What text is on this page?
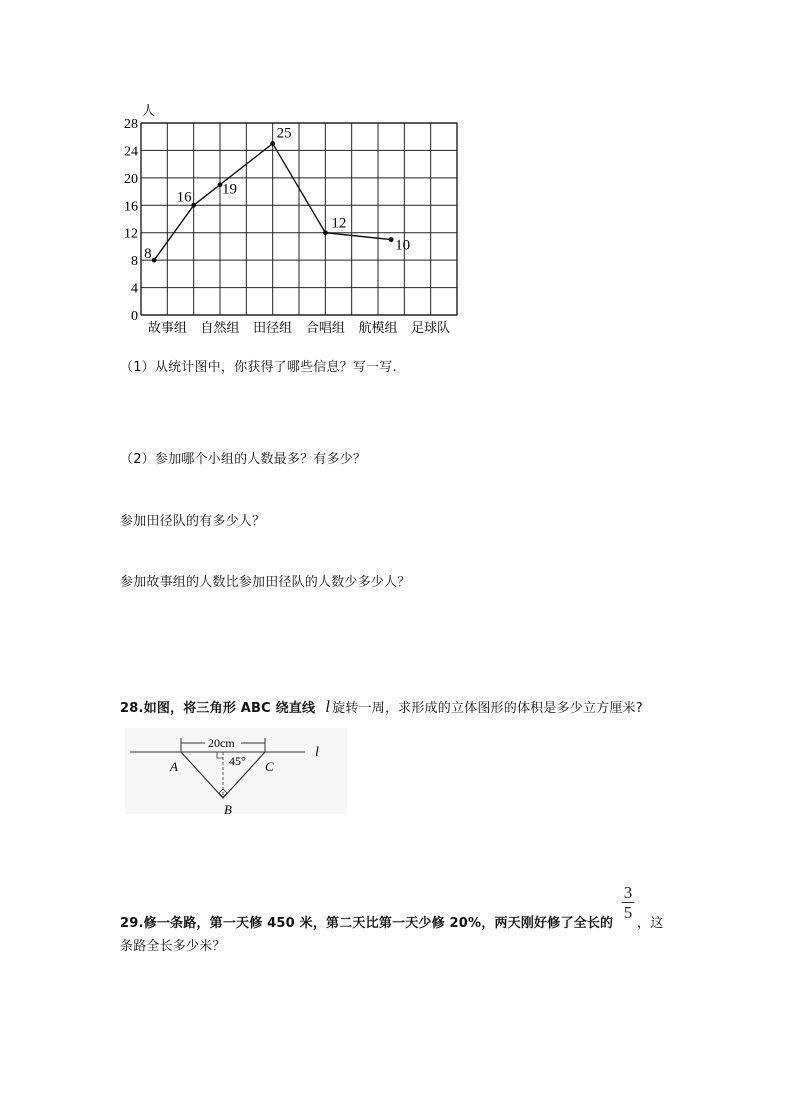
0
4
8
12
16
20
24
28
故事组 自然组 田径组 合唱组 航模组 足球队
8
16 19
25
12
10
人
（1）从统计图中，你获得了哪些信息？写一写.
（2）参加哪个小组的人数最多？有多少？
参加田径队的有多少人？
参加故事组的人数比参加田径队的人数少多少人？
28.如图，将三角形 ABC 绕直线 l 旋转一周，求形成的立体图形的体积是多少立方厘米?
20cm
45°
A	C
B
l
29.修一条路，第一天修 450 米，第二天比第一天少修 20%，两天刚好修了全长的
3
5
，这
条路全长多少米？
